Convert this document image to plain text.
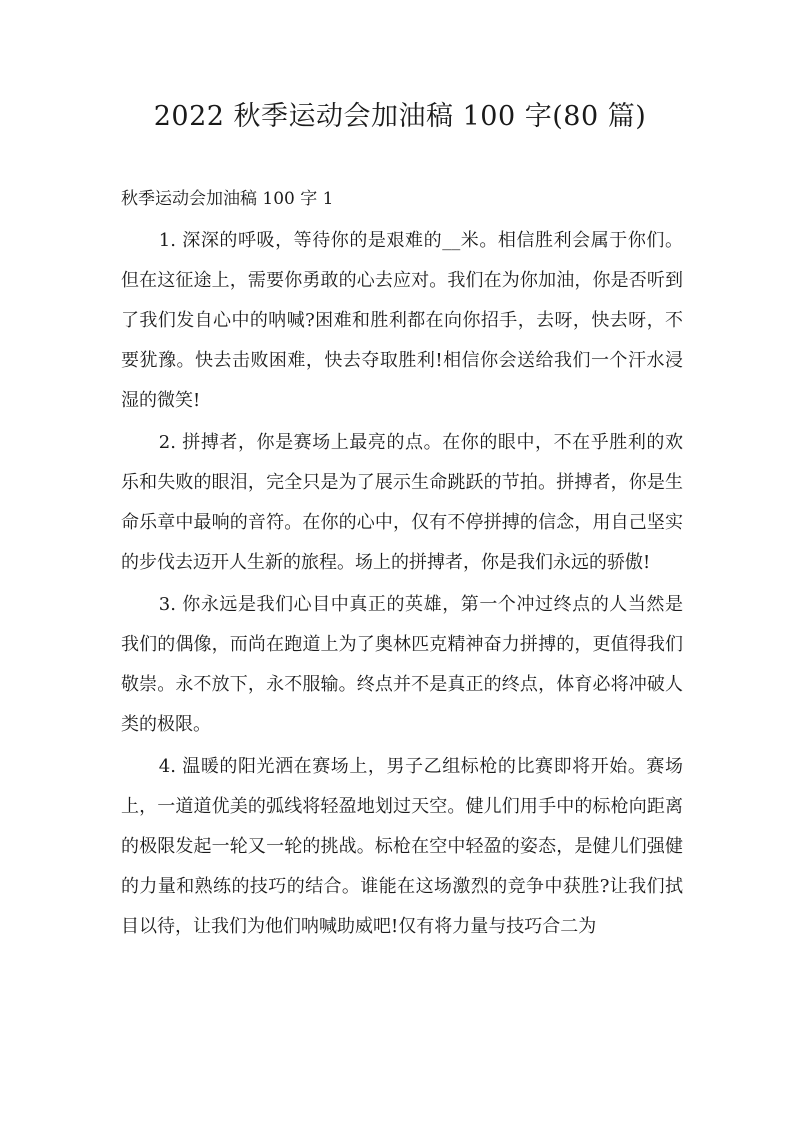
2022 秋季运动会加油稿 100 字(80 篇)
秋季运动会加油稿 100 字 1

1. 深深的呼吸，等待你的是艰难的__米。相信胜利会属于你们。但在这征途上，需要你勇敢的心去应对。我们在为你加油，你是否听到了我们发自心中的呐喊?困难和胜利都在向你招手，去呀，快去呀，不要犹豫。快去击败困难，快去夺取胜利!相信你会送给我们一个汗水浸湿的微笑!

2. 拼搏者，你是赛场上最亮的点。在你的眼中，不在乎胜利的欢乐和失败的眼泪，完全只是为了展示生命跳跃的节拍。拼搏者，你是生命乐章中最响的音符。在你的心中，仅有不停拼搏的信念，用自己坚实的步伐去迈开人生新的旅程。场上的拼搏者，你是我们永远的骄傲!

3. 你永远是我们心目中真正的英雄，第一个冲过终点的人当然是我们的偶像，而尚在跑道上为了奥林匹克精神奋力拼搏的，更值得我们敬崇。永不放下，永不服输。终点并不是真正的终点，体育必将冲破人类的极限。

4. 温暖的阳光洒在赛场上，男子乙组标枪的比赛即将开始。赛场上，一道道优美的弧线将轻盈地划过天空。健儿们用手中的标枪向距离的极限发起一轮又一轮的挑战。标枪在空中轻盈的姿态，是健儿们强健的力量和熟练的技巧的结合。谁能在这场激烈的竞争中获胜?让我们拭目以待，让我们为他们呐喊助威吧!仅有将力量与技巧合二为
